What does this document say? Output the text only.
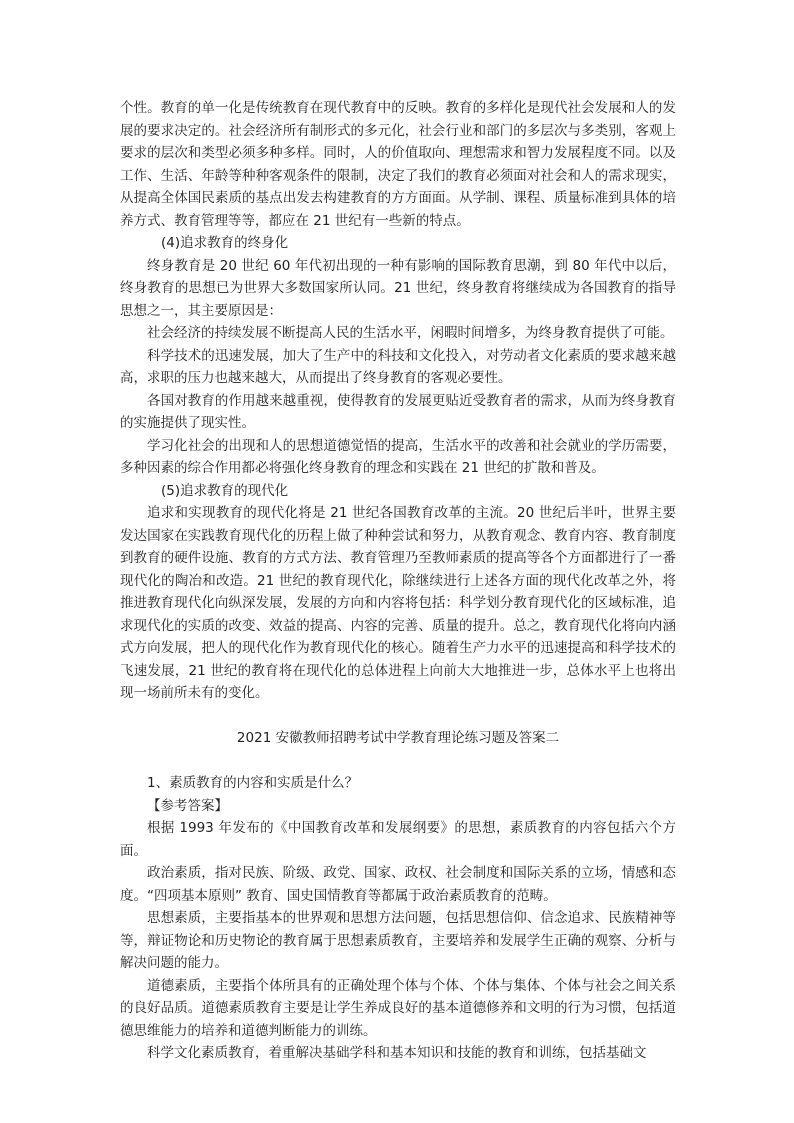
个性。教育的单一化是传统教育在现代教育中的反映。教育的多样化是现代社会发展和人的发展的要求决定的。社会经济所有制形式的多元化，社会行业和部门的多层次与多类别，客观上要求的层次和类型必须多种多样。同时，人的价值取向、理想需求和智力发展程度不同。以及工作、生活、年龄等种种客观条件的限制，决定了我们的教育必须面对社会和人的需求现实，从提高全体国民素质的基点出发去构建教育的方方面面。从学制、课程、质量标准到具体的培养方式、教育管理等等，都应在 21 世纪有一些新的特点。

(4)追求教育的终身化

终身教育是 20 世纪 60 年代初出现的一种有影响的国际教育思潮，到 80 年代中以后，终身教育的思想已为世界大多数国家所认同。21 世纪，终身教育将继续成为各国教育的指导思想之一，其主要原因是：

社会经济的持续发展不断提高人民的生活水平，闲暇时间增多，为终身教育提供了可能。

科学技术的迅速发展，加大了生产中的科技和文化投入，对劳动者文化素质的要求越来越高，求职的压力也越来越大，从而提出了终身教育的客观必要性。

各国对教育的作用越来越重视，使得教育的发展更贴近受教育者的需求，从而为终身教育的实施提供了现实性。

学习化社会的出现和人的思想道德觉悟的提高，生活水平的改善和社会就业的学历需要，多种因素的综合作用都必将强化终身教育的理念和实践在 21 世纪的扩散和普及。

(5)追求教育的现代化

追求和实现教育的现代化将是 21 世纪各国教育改革的主流。20 世纪后半叶，世界主要发达国家在实践教育现代化的历程上做了种种尝试和努力，从教育观念、教育内容、教育制度到教育的硬件设施、教育的方式方法、教育管理乃至教师素质的提高等各个方面都进行了一番现代化的陶冶和改造。21 世纪的教育现代化，除继续进行上述各方面的现代化改革之外，将推进教育现代化向纵深发展，发展的方向和内容将包括：科学划分教育现代化的区域标准，追求现代化的实质的改变、效益的提高、内容的完善、质量的提升。总之，教育现代化将向内涵式方向发展，把人的现代化作为教育现代化的核心。随着生产力水平的迅速提高和科学技术的飞速发展，21 世纪的教育将在现代化的总体进程上向前大大地推进一步，总体水平上也将出现一场前所未有的变化。

2021 安徽教师招聘考试中学教育理论练习题及答案二

1、素质教育的内容和实质是什么？

【参考答案】

根据 1993 年发布的《中国教育改革和发展纲要》的思想，素质教育的内容包括六个方面。

政治素质，指对民族、阶级、政党、国家、政权、社会制度和国际关系的立场，情感和态度。“四项基本原则” 教育、国史国情教育等都属于政治素质教育的范畴。

思想素质，主要指基本的世界观和思想方法问题，包括思想信仰、信念追求、民族精神等等，辩证物论和历史物论的教育属于思想素质教育，主要培养和发展学生正确的观察、分析与解决问题的能力。

道德素质，主要指个体所具有的正确处理个体与个体、个体与集体、个体与社会之间关系的良好品质。道德素质教育主要是让学生养成良好的基本道德修养和文明的行为习惯，包括道德思维能力的培养和道德判断能力的训练。

科学文化素质教育，着重解决基础学科和基本知识和技能的教育和训练，包括基础文
